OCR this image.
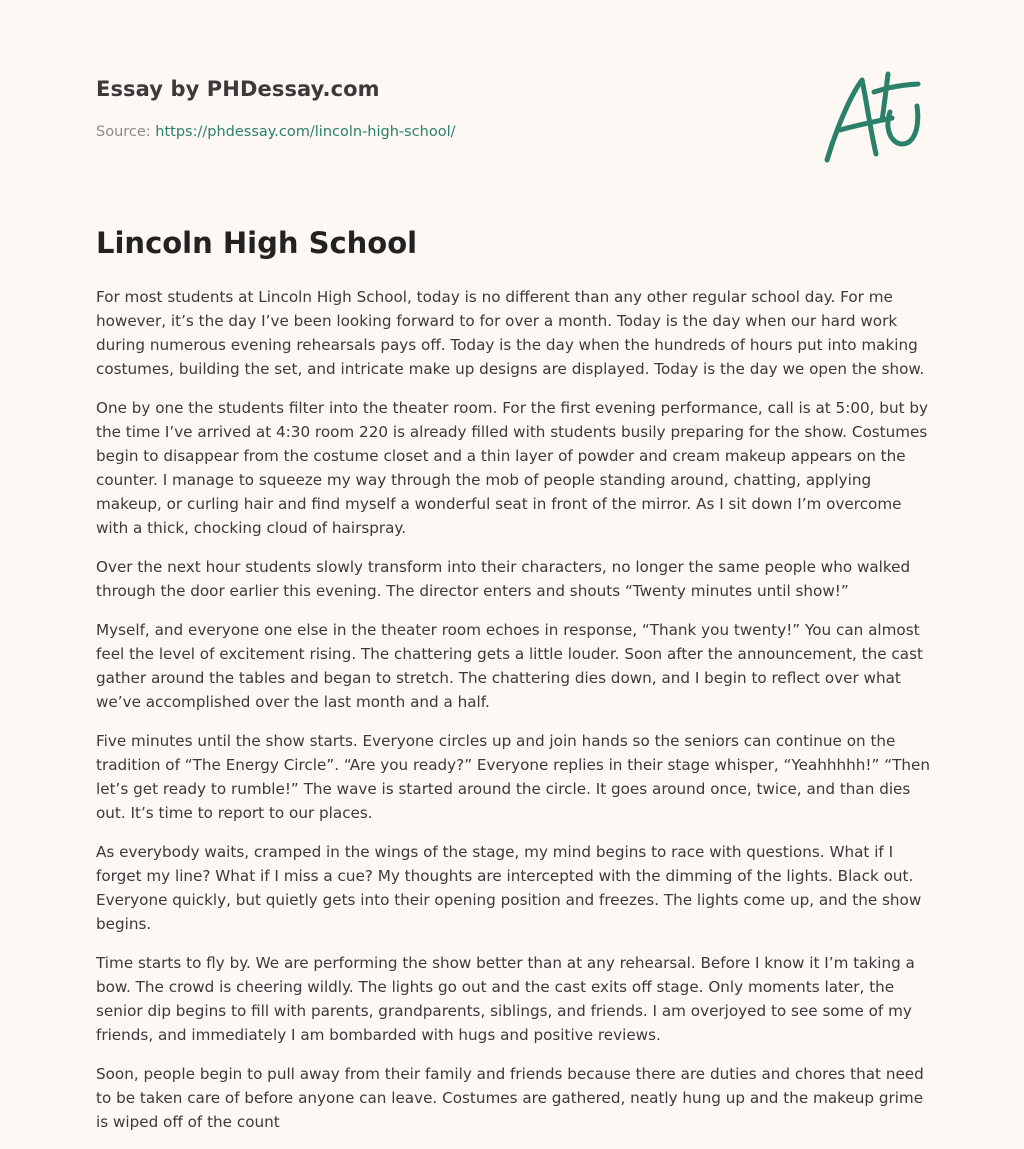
Essay by PHDessay.com
Source: https://phdessay.com/lincoln-high-school/
Lincoln High School

For most students at Lincoln High School, today is no different than any other regular school day. For me however, it’s the day I’ve been looking forward to for over a month. Today is the day when our hard work during numerous evening rehearsals pays off. Today is the day when the hundreds of hours put into making costumes, building the set, and intricate make up designs are displayed. Today is the day we open the show.

One by one the students filter into the theater room. For the first evening performance, call is at 5:00, but by the time I’ve arrived at 4:30 room 220 is already filled with students busily preparing for the show. Costumes begin to disappear from the costume closet and a thin layer of powder and cream makeup appears on the counter. I manage to squeeze my way through the mob of people standing around, chatting, applying makeup, or curling hair and find myself a wonderful seat in front of the mirror. As I sit down I’m overcome with a thick, chocking cloud of hairspray.

Over the next hour students slowly transform into their characters, no longer the same people who walked through the door earlier this evening. The director enters and shouts “Twenty minutes until show!”

Myself, and everyone one else in the theater room echoes in response, “Thank you twenty!” You can almost feel the level of excitement rising. The chattering gets a little louder. Soon after the announcement, the cast gather around the tables and began to stretch. The chattering dies down, and I begin to reflect over what we’ve accomplished over the last month and a half.

Five minutes until the show starts. Everyone circles up and join hands so the seniors can continue on the tradition of “The Energy Circle”. “Are you ready?” Everyone replies in their stage whisper, “Yeahhhhh!” “Then let’s get ready to rumble!” The wave is started around the circle. It goes around once, twice, and than dies out. It’s time to report to our places.

As everybody waits, cramped in the wings of the stage, my mind begins to race with questions. What if I forget my line? What if I miss a cue? My thoughts are intercepted with the dimming of the lights. Black out. Everyone quickly, but quietly gets into their opening position and freezes. The lights come up, and the show begins.

Time starts to fly by. We are performing the show better than at any rehearsal. Before I know it I’m taking a bow. The crowd is cheering wildly. The lights go out and the cast exits off stage. Only moments later, the senior dip begins to fill with parents, grandparents, siblings, and friends. I am overjoyed to see some of my friends, and immediately I am bombarded with hugs and positive reviews.

Soon, people begin to pull away from their family and friends because there are duties and chores that need to be taken care of before anyone can leave. Costumes are gathered, neatly hung up and the makeup grime is wiped off of the count
